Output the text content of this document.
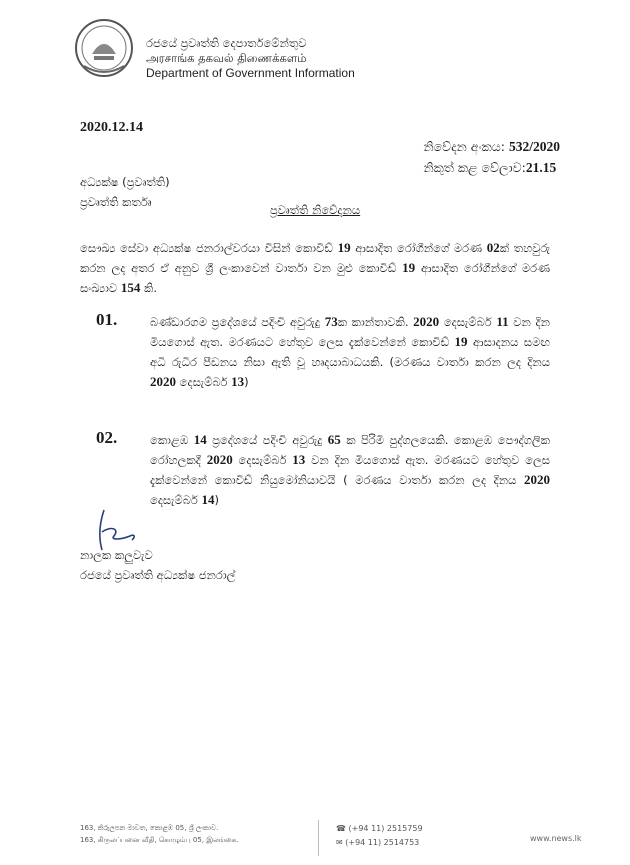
රජයේ ප්‍රවෘත්ති දෙපාර්තමේන්තුව
அரசாங்க தகவல் திணைக்களம்
Department of Government Information
2020.12.14
නිවේදන අංකය: 532/2020
නිකුත් කළ වේලාව:21.15
අධ්‍යක්ෂ (ප්‍රවෘත්ති)
ප්‍රවෘත්ති කර්තෘ
ප්‍රවෘත්ති නිවේදනය
සෞඛ්‍ය සේවා අධ්‍යක්ෂ ජනරාල්වරයා විසින් කොවිඩ් 19 ආසාදිත රෝගීන්ගේ මරණ 02ක් තහවුරු කරන ලද අතර ඒ අනුව ශ්‍රී ලංකාවෙන් වාර්තා වන මුළු කොවිඩ් 19 ආසාදිත රෝගීන්ගේ මරණ සංඛ්‍යාව 154 කි.
01.	බණ්ඩාරගම ප්‍රදේශයේ පදිංචි අවුරුදු 73ක කාන්තාවකි. 2020 දෙසැම්බර් 11 වන දින මියගොස් ඇත. මරණයට හේතුව ලෙස දැක්වෙන්නේ කොවිඩ් 19 ආසාදනය සමඟ අධි රුධිර පීඩනය නිසා ඇති වූ හෘදයාබාධයකි. (මරණය වාර්තා කරන ලද දිනය 2020 දෙසැම්බර් 13)
02.	කොළඹ 14 ප්‍රදේශයේ පදිංචි අවුරුදු 65 ක පිරිමි පුද්ගලයෙකි. කොළඹ පෞද්ගලික රෝහලකදී 2020 දෙසැම්බර් 13 වන දින මියගොස් ඇත. මරණයට හේතුව ලෙස දැක්වෙන්නේ කොවිඩ් නියුමෝනියාවයි ( මරණය වාර්තා කරන ලද දිනය 2020 දෙසැම්බර් 14)
නාලක කලුවැව
රජයේ ප්‍රවෘත්ති අධ්‍යක්ෂ ජනරාල්
163, කිරුලපන මාවත, කොළඹ 05, ශ්‍රී ලංකාව.
163, கிருலப்பனை வீதி, கொழும்பு 05, இலங்கை.
☎ (+94 11) 2515759
✉ (+94 11) 2514753	www.news.lk
